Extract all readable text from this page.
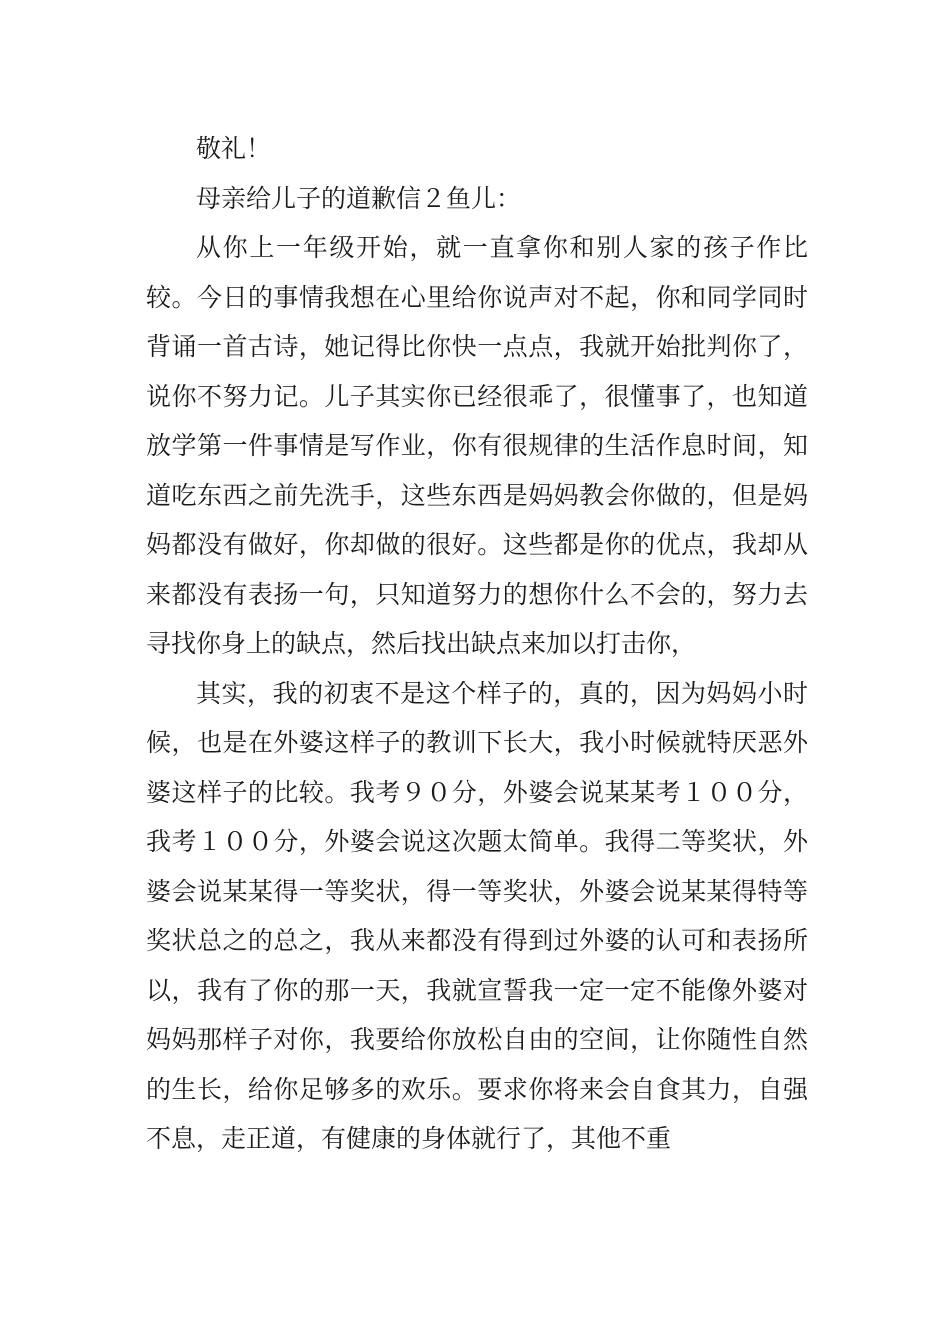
敬礼！

母亲给儿子的道歉信２鱼儿：

从你上一年级开始，就一直拿你和别人家的孩子作比较。今日的事情我想在心里给你说声对不起，你和同学同时背诵一首古诗，她记得比你快一点点，我就开始批判你了，说你不努力记。儿子其实你已经很乖了，很懂事了，也知道放学第一件事情是写作业，你有很规律的生活作息时间，知道吃东西之前先洗手，这些东西是妈妈教会你做的，但是妈妈都没有做好，你却做的很好。这些都是你的优点，我却从来都没有表扬一句，只知道努力的想你什么不会的，努力去寻找你身上的缺点，然后找出缺点来加以打击你，

其实，我的初衷不是这个样子的，真的，因为妈妈小时候，也是在外婆这样子的教训下长大，我小时候就特厌恶外婆这样子的比较。我考９０分，外婆会说某某考１００分，我考１００分，外婆会说这次题太简单。我得二等奖状，外婆会说某某得一等奖状，得一等奖状，外婆会说某某得特等奖状总之的总之，我从来都没有得到过外婆的认可和表扬所以，我有了你的那一天，我就宣誓我一定一定不能像外婆对妈妈那样子对你，我要给你放松自由的空间，让你随性自然的生长，给你足够多的欢乐。要求你将来会自食其力，自强不息，走正道，有健康的身体就行了，其他不重
